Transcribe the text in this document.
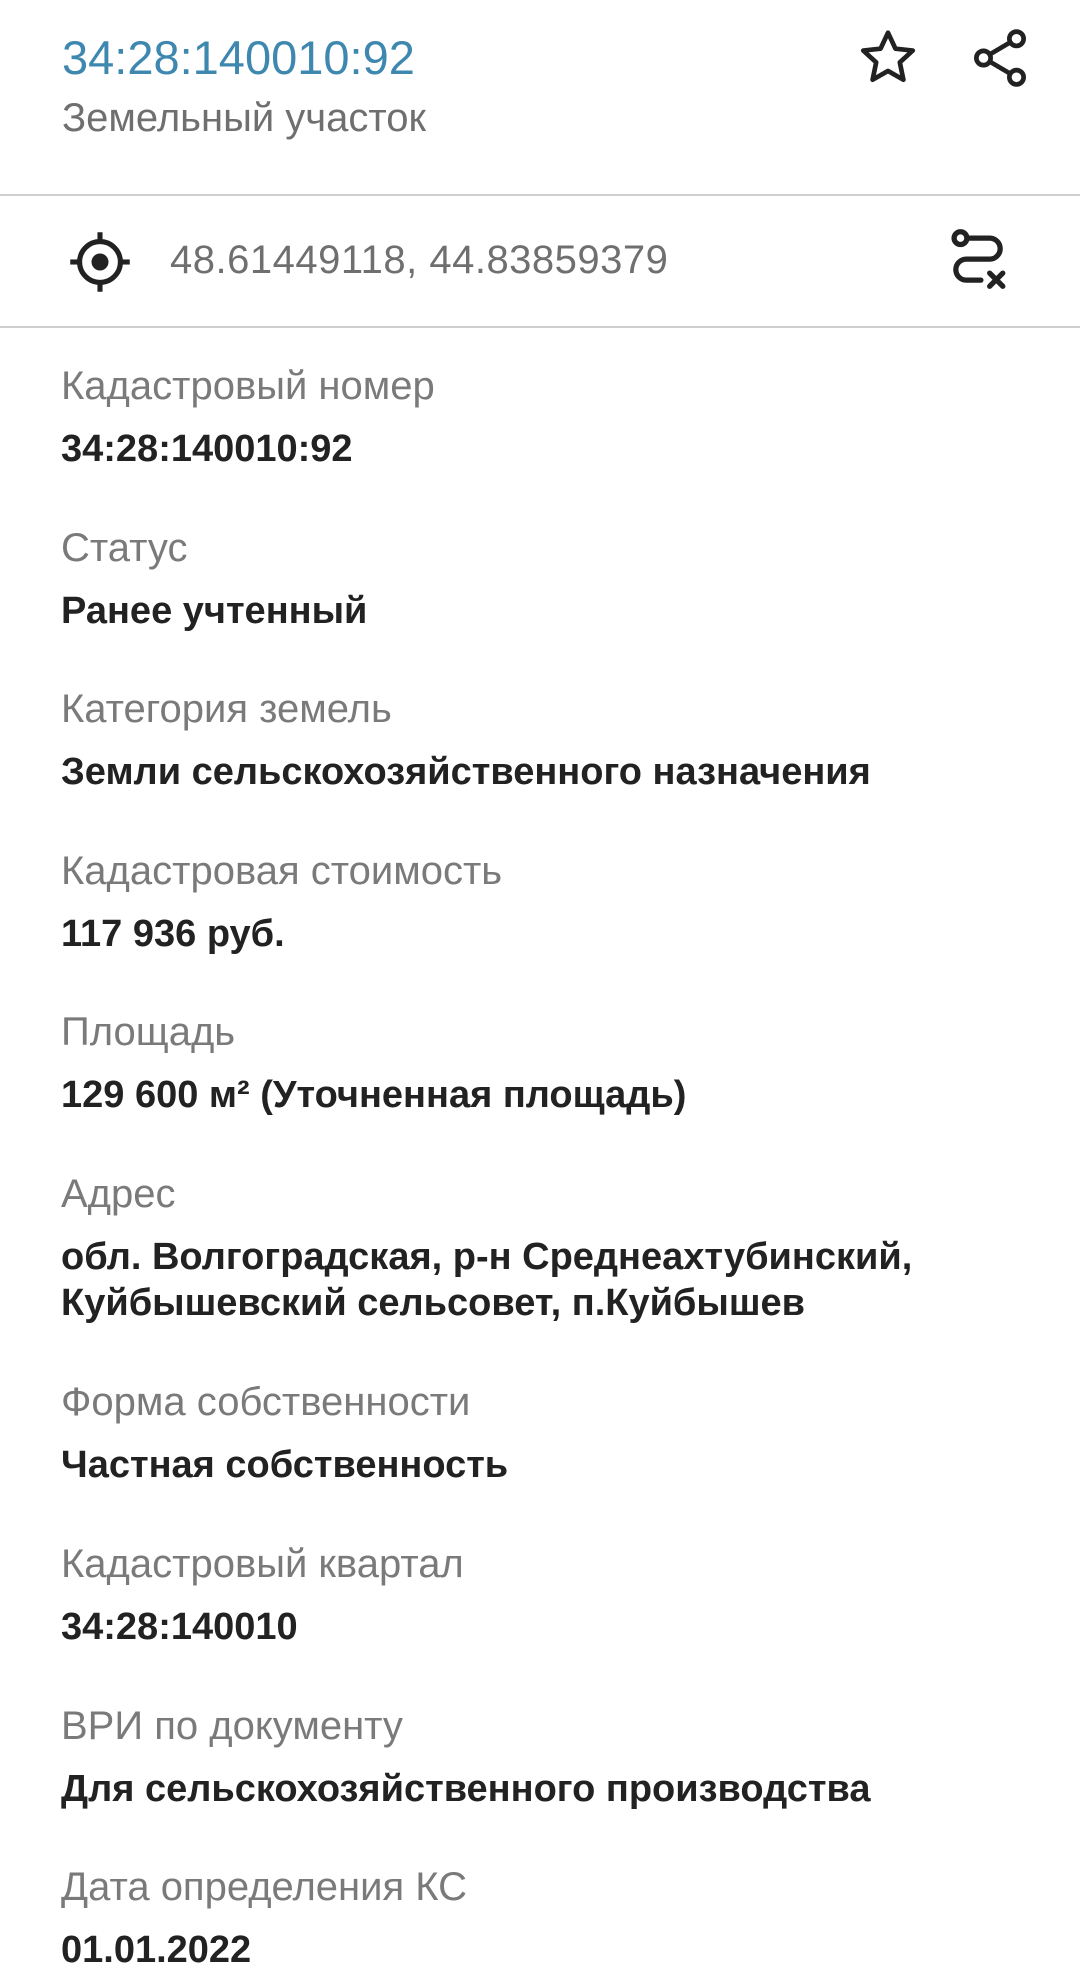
34:28:140010:92
Земельный участок
48.61449118, 44.83859379
Кадастровый номер
34:28:140010:92
Статус
Ранее учтенный
Категория земель
Земли сельскохозяйственного назначения
Кадастровая стоимость
117 936 руб.
Площадь
129 600 м² (Уточненная площадь)
Адрес
обл. Волгоградская, р-н Среднеахтубинский, Куйбышевский сельсовет, п.Куйбышев
Форма собственности
Частная собственность
Кадастровый квартал
34:28:140010
ВРИ по документу
Для сельскохозяйственного производства
Дата определения КС
01.01.2022
